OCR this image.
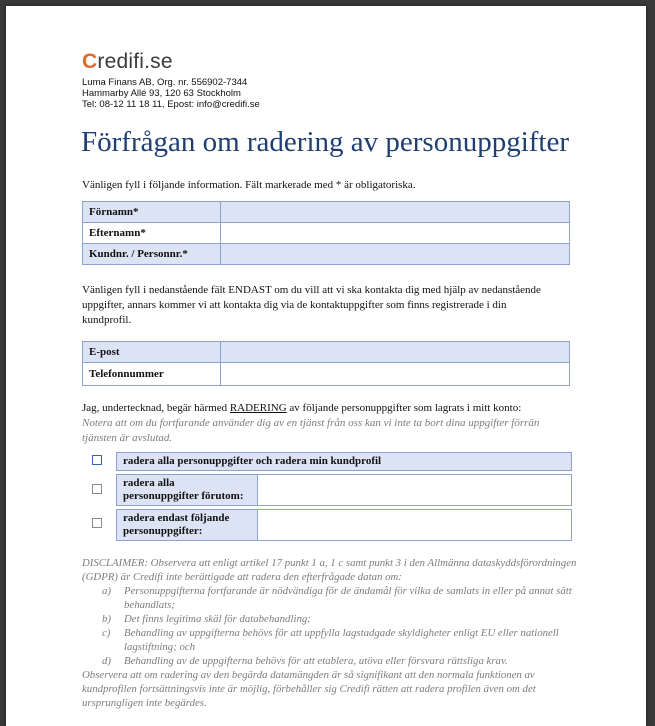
Credifi.se
Luma Finans AB, Org. nr. 556902-7344
Hammarby Allé 93, 120 63 Stockholm
Tel: 08-12 11 18 11, Epost: info@credifi.se
Förfrågan om radering av personuppgifter

Vänligen fyll i följande information. Fält markerade med * är obligatoriska.

Förnamn*	
Efternamn*	
Kundnr. / Personnr.*	

Vänligen fyll i nedanstående fält ENDAST om du vill att vi ska kontakta dig med hjälp av nedanstående uppgifter, annars kommer vi att kontakta dig via de kontaktuppgifter som finns registrerade i din kundprofil.

E-post	
Telefonnummer	

Jag, undertecknad, begär härmed RADERING av följande personuppgifter som lagrats i mitt konto:

Notera att om du fortfarande använder dig av en tjänst från oss kan vi inte ta bort dina uppgifter förrän tjänsten är avslutad.

radera alla personuppgifter och radera min kundprofil
radera alla personuppgifter förutom:
radera endast följande personuppgifter:
DISCLAIMER: Observera att enligt artikel 17 punkt 1 a, 1 c samt punkt 3 i den Allmänna dataskyddsförordningen (GDPR) är Credifi inte berättigade att radera den efterfrågade datan om:
a) Personuppgifterna fortfarande är nödvändiga för de ändamål för vilka de samlats in eller på annat sätt behandlats;
b) Det finns legitima skäl för databehandling;
c) Behandling av uppgifterna behövs för att uppfylla lagstadgade skyldigheter enligt EU eller nationell lagstiftning; och
d) Behandling av de uppgifterna behövs för att etablera, utöva eller försvara rättsliga krav.
Observera att om radering av den begärda datamängden är så signifikant att den normala funktionen av kundprofilen fortsättningsvis inte är möjlig, förbehåller sig Credifi rätten att radera profilen även om det ursprungligen inte begärdes.
